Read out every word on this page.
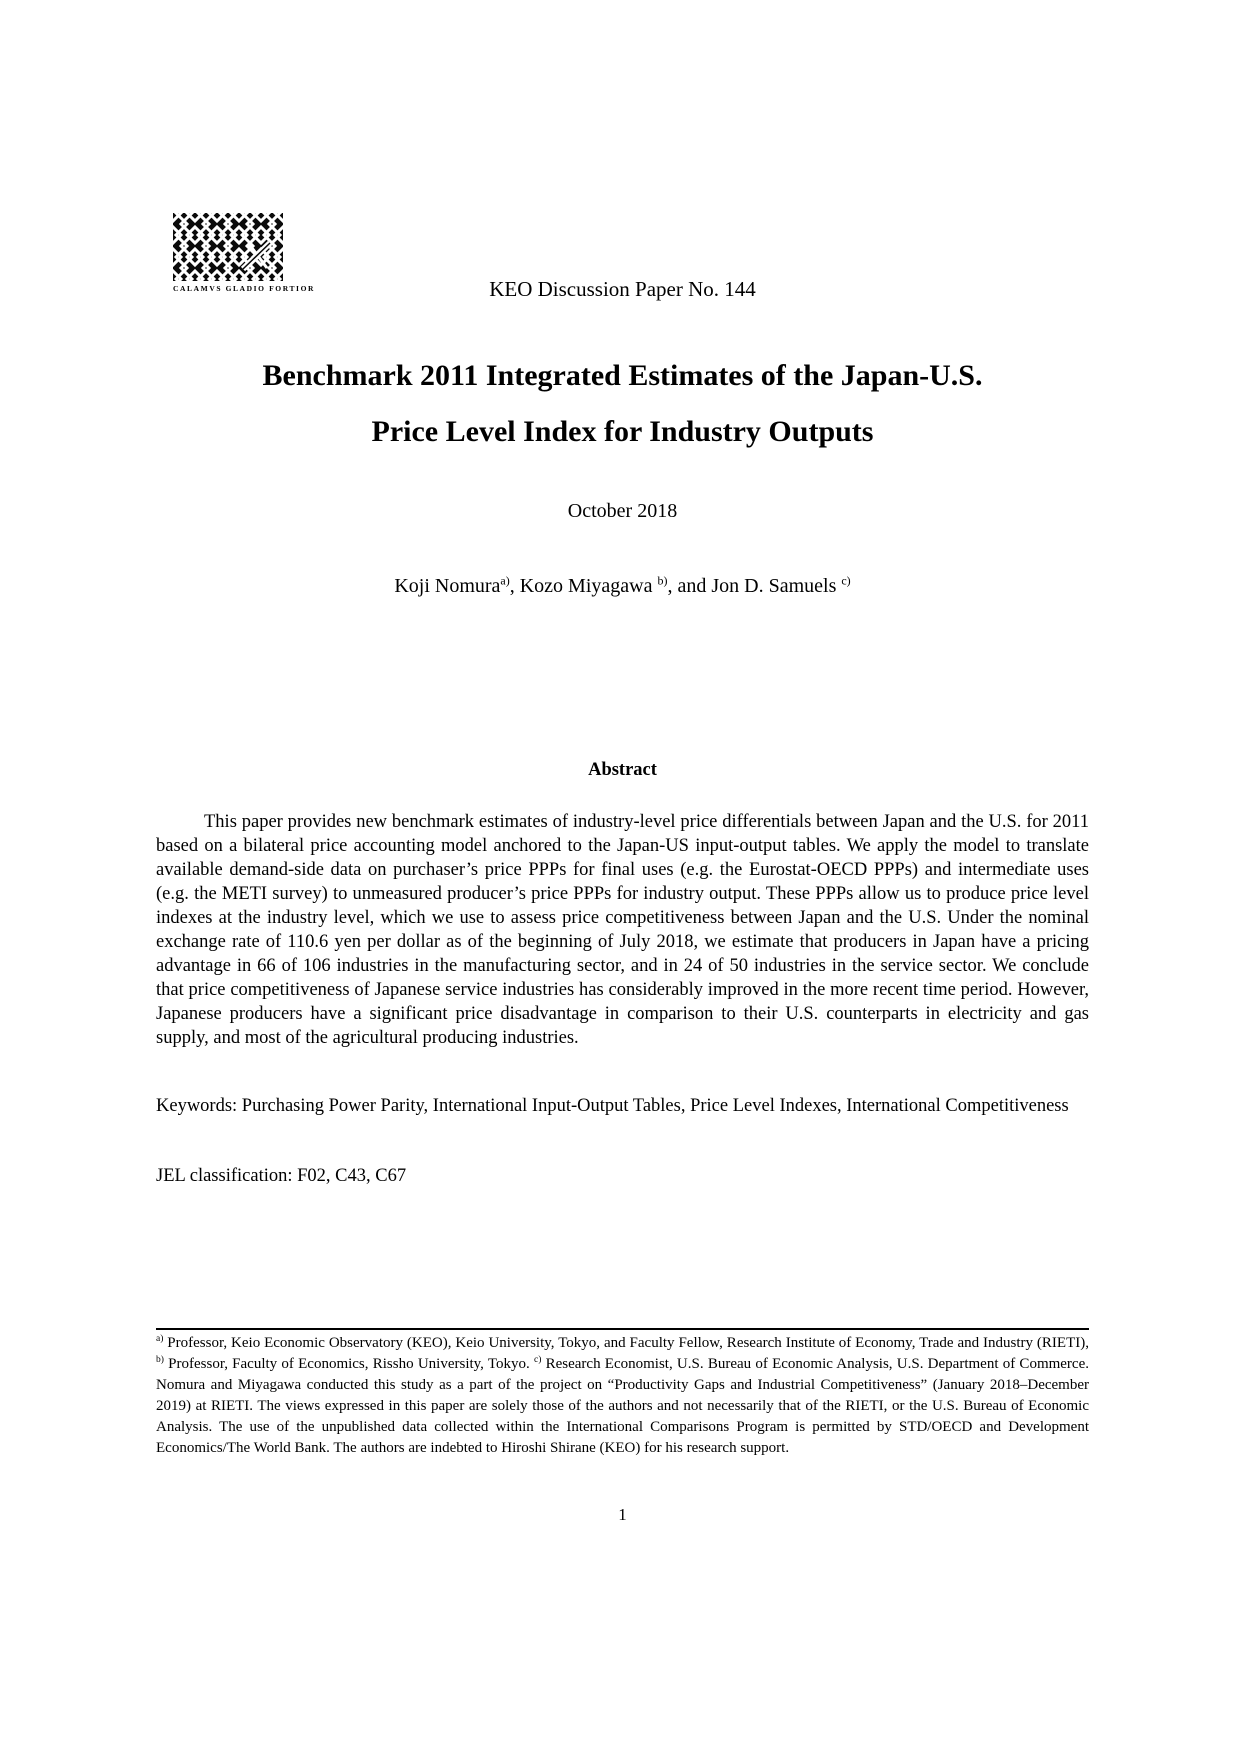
CALAMVS GLADIO FORTIOR	KEO Discussion Paper No. 144
Benchmark 2011 Integrated Estimates of the Japan-U.S.
Price Level Index for Industry Outputs
October 2018
Koji Nomura$^{a)}$, Kozo Miyagawa $^{b)}$, and Jon D. Samuels $^{c)}$
Abstract

This paper provides new benchmark estimates of industry-level price differentials between Japan and the U.S. for 2011 based on a bilateral price accounting model anchored to the Japan-US input-output tables. We apply the model to translate available demand-side data on purchaser’s price PPPs for final uses (e.g. the Eurostat-OECD PPPs) and intermediate uses (e.g. the METI survey) to unmeasured producer’s price PPPs for industry output. These PPPs allow us to produce price level indexes at the industry level, which we use to assess price competitiveness between Japan and the U.S. Under the nominal exchange rate of 110.6 yen per dollar as of the beginning of July 2018, we estimate that producers in Japan have a pricing advantage in 66 of 106 industries in the manufacturing sector, and in 24 of 50 industries in the service sector. We conclude that price competitiveness of Japanese service industries has considerably improved in the more recent time period. However, Japanese producers have a significant price disadvantage in comparison to their U.S. counterparts in electricity and gas supply, and most of the agricultural producing industries.

Keywords: Purchasing Power Parity, International Input-Output Tables, Price Level Indexes, International Competitiveness

JEL classification: F02, C43, C67

$^{a)}$ Professor, Keio Economic Observatory (KEO), Keio University, Tokyo, and Faculty Fellow, Research Institute of Economy, Trade and Industry (RIETI), $^{b)}$ Professor, Faculty of Economics, Rissho University, Tokyo. $^{c)}$ Research Economist, U.S. Bureau of Economic Analysis, U.S. Department of Commerce. Nomura and Miyagawa conducted this study as a part of the project on “Productivity Gaps and Industrial Competitiveness” (January 2018–December 2019) at RIETI. The views expressed in this paper are solely those of the authors and not necessarily that of the RIETI, or the U.S. Bureau of Economic Analysis. The use of the unpublished data collected within the International Comparisons Program is permitted by STD/OECD and Development Economics/The World Bank. The authors are indebted to Hiroshi Shirane (KEO) for his research support.
1
